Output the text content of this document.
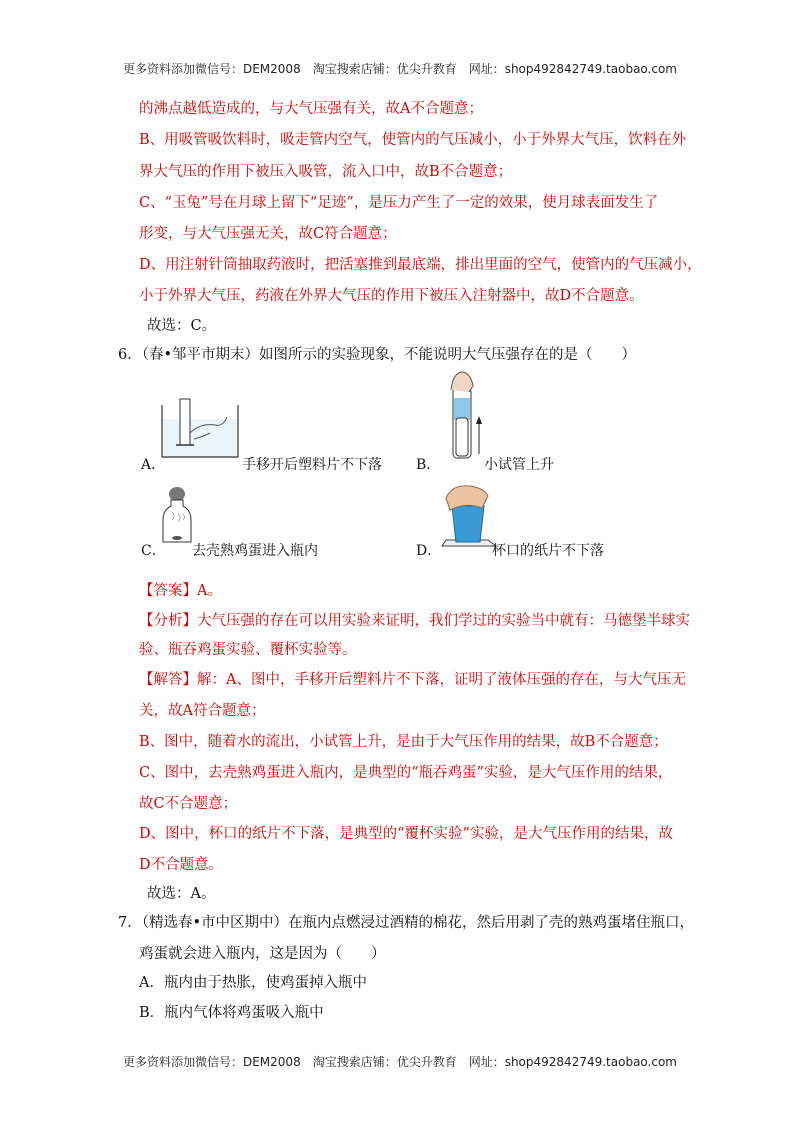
更多资料添加微信号：DEM2008　淘宝搜索店铺：优尖升教育　网址：shop492842749.taobao.com
的沸点越低造成的，与大气压强有关，故A不合题意；
B、用吸管吸饮料时，吸走管内空气，使管内的气压减小，小于外界大气压，饮料在外
界大气压的作用下被压入吸管，流入口中，故B不合题意；
C、“玉兔”号在月球上留下“足迹”，是压力产生了一定的效果，使月球表面发生了
形变，与大气压强无关，故C符合题意；
D、用注射针筒抽取药液时，把活塞推到最底端，排出里面的空气，使管内的气压减小，
小于外界大气压，药液在外界大气压的作用下被压入注射器中，故D不合题意。
故选：C。
6．（春•邹平市期末）如图所示的实验现象，不能说明大气压强存在的是（　　）
A．	手移开后塑料片不下落 B．	小试管上升
C． 去壳熟鸡蛋进入瓶内	D．	杯口的纸片不下落
【答案】A。
【分析】大气压强的存在可以用实验来证明，我们学过的实验当中就有：马德堡半球实
验、瓶吞鸡蛋实验、覆杯实验等。
【解答】解：A、图中，手移开后塑料片不下落，证明了液体压强的存在，与大气压无
关，故A符合题意；
B、图中，随着水的流出，小试管上升，是由于大气压作用的结果，故B不合题意；
C、图中，去壳熟鸡蛋进入瓶内，是典型的“瓶吞鸡蛋”实验，是大气压作用的结果，
故C不合题意；
D、图中，杯口的纸片不下落，是典型的“覆杯实验”实验，是大气压作用的结果，故
D不合题意。
故选：A。
7．（精选春•市中区期中）在瓶内点燃浸过酒精的棉花，然后用剥了壳的熟鸡蛋堵住瓶口，
鸡蛋就会进入瓶内，这是因为（　　）
A．瓶内由于热胀，使鸡蛋掉入瓶中
B．瓶内气体将鸡蛋吸入瓶中
更多资料添加微信号：DEM2008　淘宝搜索店铺：优尖升教育　网址：shop492842749.taobao.com
